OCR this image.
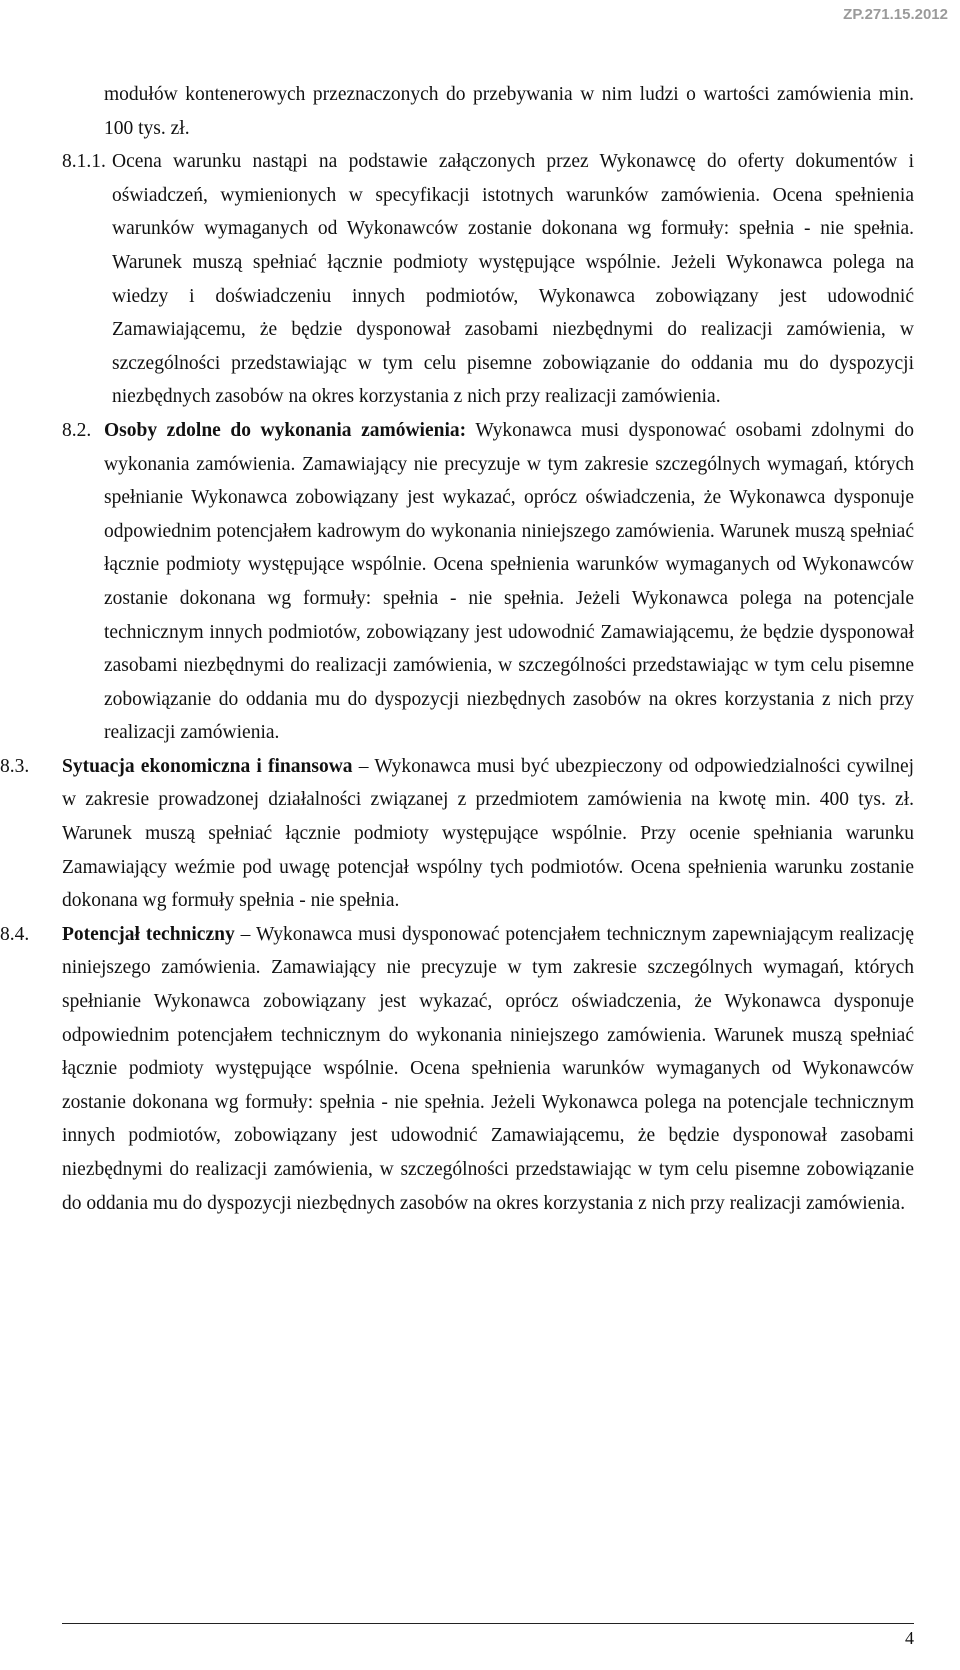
ZP.271.15.2012

modułów kontenerowych przeznaczonych do przebywania w nim ludzi o wartości zamówienia min. 100 tys. zł.

8.1.1. Ocena warunku nastąpi na podstawie załączonych przez Wykonawcę do oferty dokumentów i oświadczeń, wymienionych w specyfikacji istotnych warunków zamówienia. Ocena spełnienia warunków wymaganych od Wykonawców zostanie dokonana wg formuły: spełnia - nie spełnia. Warunek muszą spełniać łącznie podmioty występujące wspólnie. Jeżeli Wykonawca polega na wiedzy i doświadczeniu innych podmiotów, Wykonawca zobowiązany jest udowodnić Zamawiającemu, że będzie dysponował zasobami niezbędnymi do realizacji zamówienia, w szczególności przedstawiając w tym celu pisemne zobowiązanie do oddania mu do dyspozycji niezbędnych zasobów na okres korzystania z nich przy realizacji zamówienia.

8.2. Osoby zdolne do wykonania zamówienia: Wykonawca musi dysponować osobami zdolnymi do wykonania zamówienia. Zamawiający nie precyzuje w tym zakresie szczególnych wymagań, których spełnianie Wykonawca zobowiązany jest wykazać, oprócz oświadczenia, że Wykonawca dysponuje odpowiednim potencjałem kadrowym do wykonania niniejszego zamówienia. Warunek muszą spełniać łącznie podmioty występujące wspólnie. Ocena spełnienia warunków wymaganych od Wykonawców zostanie dokonana wg formuły: spełnia - nie spełnia. Jeżeli Wykonawca polega na potencjale technicznym innych podmiotów, zobowiązany jest udowodnić Zamawiającemu, że będzie dysponował zasobami niezbędnymi do realizacji zamówienia, w szczególności przedstawiając w tym celu pisemne zobowiązanie do oddania mu do dyspozycji niezbędnych zasobów na okres korzystania z nich przy realizacji zamówienia.

8.3.	Sytuacja ekonomiczna i finansowa – Wykonawca musi być ubezpieczony od odpowiedzialności cywilnej w zakresie prowadzonej działalności związanej z przedmiotem zamówienia na kwotę min. 400 tys. zł. Warunek muszą spełniać łącznie podmioty występujące wspólnie. Przy ocenie spełniania warunku Zamawiający weźmie pod uwagę potencjał wspólny tych podmiotów. Ocena spełnienia warunku zostanie dokonana wg formuły spełnia - nie spełnia.

8.4.	Potencjał techniczny – Wykonawca musi dysponować potencjałem technicznym zapewniającym realizację niniejszego zamówienia. Zamawiający nie precyzuje w tym zakresie szczególnych wymagań, których spełnianie Wykonawca zobowiązany jest wykazać, oprócz oświadczenia, że Wykonawca dysponuje odpowiednim potencjałem technicznym do wykonania niniejszego zamówienia. Warunek muszą spełniać łącznie podmioty występujące wspólnie. Ocena spełnienia warunków wymaganych od Wykonawców zostanie dokonana wg formuły: spełnia - nie spełnia. Jeżeli Wykonawca polega na potencjale technicznym innych podmiotów, zobowiązany jest udowodnić Zamawiającemu, że będzie dysponował zasobami niezbędnymi do realizacji zamówienia, w szczególności przedstawiając w tym celu pisemne zobowiązanie do oddania mu do dyspozycji niezbędnych zasobów na okres korzystania z nich przy realizacji zamówienia.

4
